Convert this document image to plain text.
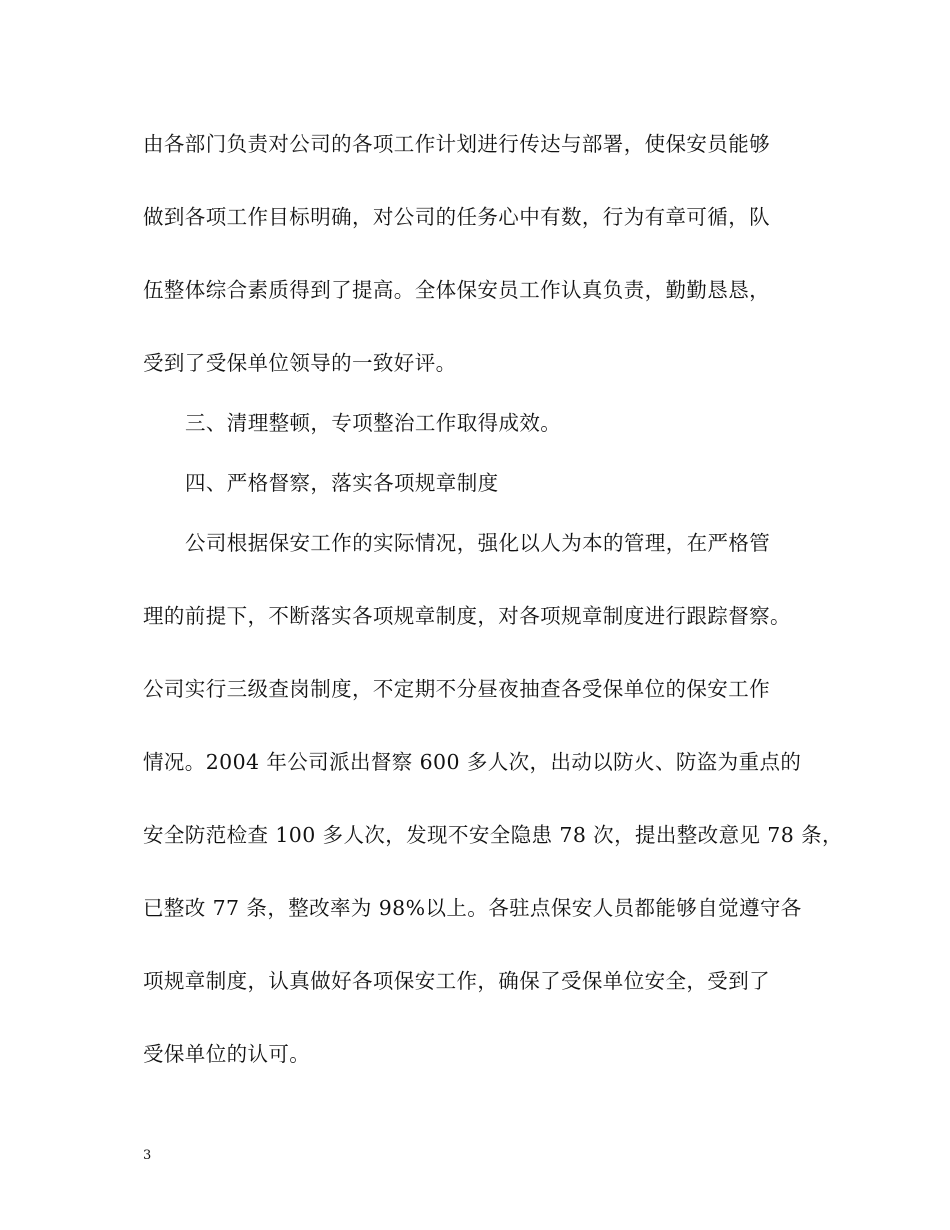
由各部门负责对公司的各项工作计划进行传达与部署，使保安员能够

做到各项工作目标明确，对公司的任务心中有数，行为有章可循，队

伍整体综合素质得到了提高。全体保安员工作认真负责，勤勤恳恳，

受到了受保单位领导的一致好评。

三、清理整顿，专项整治工作取得成效。

四、严格督察，落实各项规章制度

公司根据保安工作的实际情况，强化以人为本的管理，在严格管

理的前提下，不断落实各项规章制度，对各项规章制度进行跟踪督察。

公司实行三级查岗制度，不定期不分昼夜抽查各受保单位的保安工作

情况。2004 年公司派出督察 600 多人次，出动以防火、防盗为重点的

安全防范检查 100 多人次，发现不安全隐患 78 次，提出整改意见 78 条，

已整改 77 条，整改率为 98%以上。各驻点保安人员都能够自觉遵守各

项规章制度，认真做好各项保安工作，确保了受保单位安全，受到了

受保单位的认可。

3
